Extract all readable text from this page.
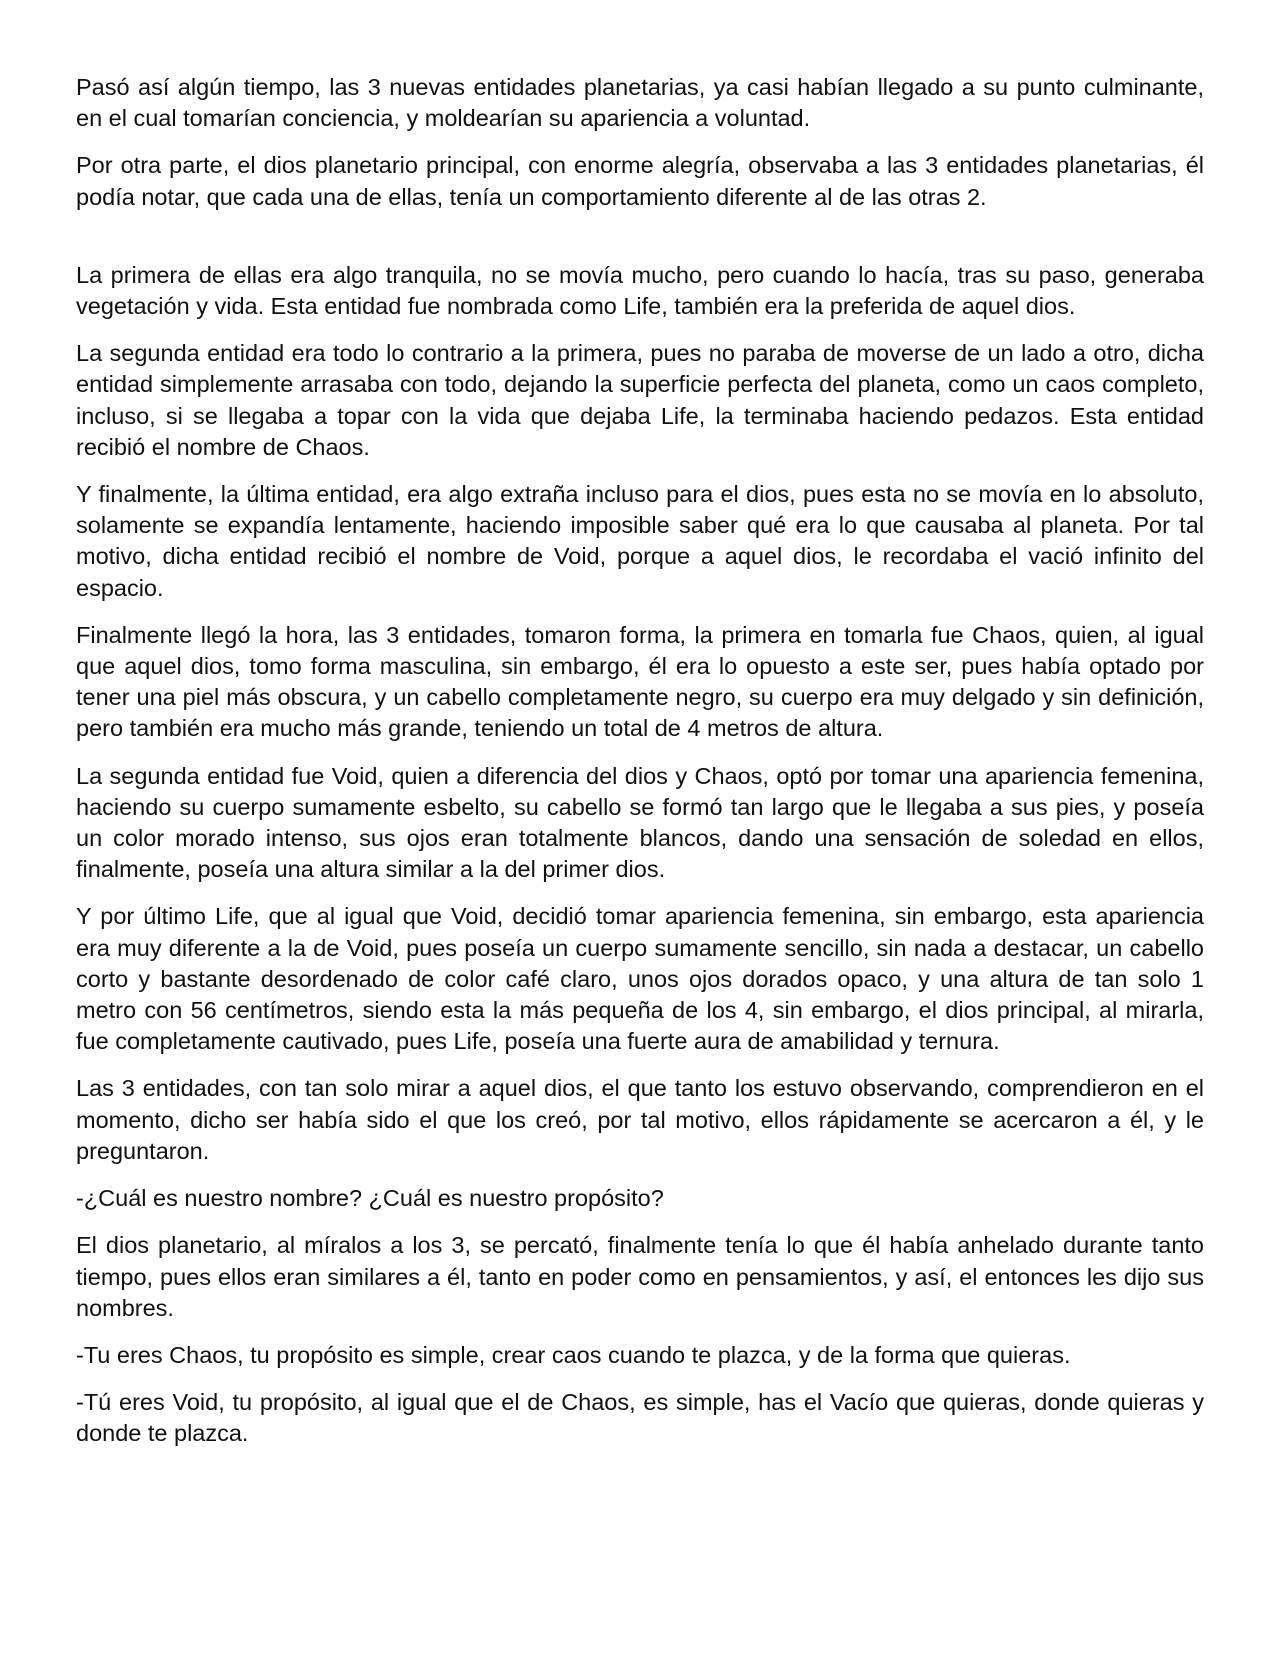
Pasó así algún tiempo, las 3 nuevas entidades planetarias, ya casi habían llegado a su punto culminante, en el cual tomarían conciencia, y moldearían su apariencia a voluntad.

Por otra parte, el dios planetario principal, con enorme alegría, observaba a las 3 entidades planetarias, él podía notar, que cada una de ellas, tenía un comportamiento diferente al de las otras 2.

La primera de ellas era algo tranquila, no se movía mucho, pero cuando lo hacía, tras su paso, generaba vegetación y vida. Esta entidad fue nombrada como Life, también era la preferida de aquel dios.

La segunda entidad era todo lo contrario a la primera, pues no paraba de moverse de un lado a otro, dicha entidad simplemente arrasaba con todo, dejando la superficie perfecta del planeta, como un caos completo, incluso, si se llegaba a topar con la vida que dejaba Life, la terminaba haciendo pedazos. Esta entidad recibió el nombre de Chaos.

Y finalmente, la última entidad, era algo extraña incluso para el dios, pues esta no se movía en lo absoluto, solamente se expandía lentamente, haciendo imposible saber qué era lo que causaba al planeta. Por tal motivo, dicha entidad recibió el nombre de Void, porque a aquel dios, le recordaba el vació infinito del espacio.

Finalmente llegó la hora, las 3 entidades, tomaron forma, la primera en tomarla fue Chaos, quien, al igual que aquel dios, tomo forma masculina, sin embargo, él era lo opuesto a este ser, pues había optado por tener una piel más obscura, y un cabello completamente negro, su cuerpo era muy delgado y sin definición, pero también era mucho más grande, teniendo un total de 4 metros de altura.

La segunda entidad fue Void, quien a diferencia del dios y Chaos, optó por tomar una apariencia femenina, haciendo su cuerpo sumamente esbelto, su cabello se formó tan largo que le llegaba a sus pies, y poseía un color morado intenso, sus ojos eran totalmente blancos, dando una sensación de soledad en ellos, finalmente, poseía una altura similar a la del primer dios.

Y por último Life, que al igual que Void, decidió tomar apariencia femenina, sin embargo, esta apariencia era muy diferente a la de Void, pues poseía un cuerpo sumamente sencillo, sin nada a destacar, un cabello corto y bastante desordenado de color café claro, unos ojos dorados opaco, y una altura de tan solo 1 metro con 56 centímetros, siendo esta la más pequeña de los 4, sin embargo, el dios principal, al mirarla, fue completamente cautivado, pues Life, poseía una fuerte aura de amabilidad y ternura.

Las 3 entidades, con tan solo mirar a aquel dios, el que tanto los estuvo observando, comprendieron en el momento, dicho ser había sido el que los creó, por tal motivo, ellos rápidamente se acercaron a él, y le preguntaron.

-¿Cuál es nuestro nombre? ¿Cuál es nuestro propósito?

El dios planetario, al míralos a los 3, se percató, finalmente tenía lo que él había anhelado durante tanto tiempo, pues ellos eran similares a él, tanto en poder como en pensamientos, y así, el entonces les dijo sus nombres.

-Tu eres Chaos, tu propósito es simple, crear caos cuando te plazca, y de la forma que quieras.

-Tú eres Void, tu propósito, al igual que el de Chaos, es simple, has el Vacío que quieras, donde quieras y donde te plazca.
